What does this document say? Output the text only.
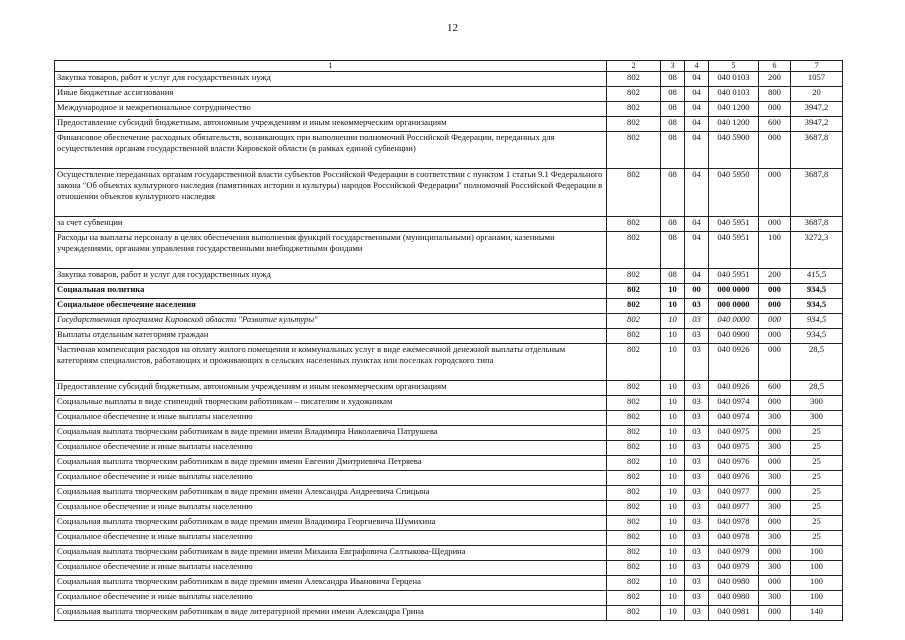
12
1	2	3	4	5	6	7
Закупка товаров, работ и услуг для государственных нужд	802	08	04	040 0103	200	1057
Иные бюджетные ассигнования	802	08	04	040 0103	800	20
Международное и межрегиональное сотрудничество	802	08	04	040 1200	000	3947,2
Предоставление субсидий бюджетным, автономным учреждениям и иным некоммерческим организациям	802	08	04	040 1200	600	3947,2
Финансовое обеспечение расходных обязательств, возникающих при выполнении полномочий Российской Федерации, переданных для осуществления органам государственной власти Кировской области (в рамках единой субвенции)	802	08	04	040 5900	000	3687,8
Осуществление переданных органам государственной власти субъектов Российской Федерации в соответствии с пунктом 1 статьи 9.1 Федерального закона "Об объектах культурного наследия (памятниках истории и культуры) народов Российской Федерации" полномочий Российской Федерации в отношении объектов культурного наследия	802	08	04	040 5950	000	3687,8
за счет субвенции	802	08	04	040 5951	000	3687,8
Расходы на выплаты персоналу в целях обеспечения выполнения функций государственными (муниципальными) органами, казенными учреждениями, органами управления государственными внебюджетными фондами	802	08	04	040 5951	100	3272,3
Закупка товаров, работ и услуг для государственных нужд	802	08	04	040 5951	200	415,5
Социальная политика	802	10	00	000 0000	000	934,5
Социальное обеспечение населения	802	10	03	000 0000	000	934,5
Государственная программа Кировской области "Развитие культуры"	802	10	03	040 0000	000	934,5
Выплаты отдельным категориям граждан	802	10	03	040 0900	000	934,5
Частичная компенсация расходов на оплату жилого помещения и коммунальных услуг в виде ежемесячной денежной выплаты отдельным категориям специалистов, работающих и проживающих в сельских населенных пунктах или поселках городского типа	802	10	03	040 0926	000	28,5
Предоставление субсидий бюджетным, автономным учреждениям и иным некоммерческим организациям	802	10	03	040 0926	600	28,5
Социальные выплаты в виде стипендий творческим работникам – писателям и художникам	802	10	03	040 0974	000	300
Социальное обеспечение и иные выплаты населению	802	10	03	040 0974	300	300
Социальная выплата творческим работникам в виде премии имени Владимира Николаевича Патрушева	802	10	03	040 0975	000	25
Социальное обеспечение и иные выплаты населению	802	10	03	040 0975	300	25
Социальная выплата творческим работникам в виде премии имени Евгения Дмитриевича Петряева	802	10	03	040 0976	000	25
Социальное обеспечение и иные выплаты населению	802	10	03	040 0976	300	25
Социальная выплата творческим работникам в виде премии имени Александра Андреевича Спицына	802	10	03	040 0977	000	25
Социальное обеспечение и иные выплаты населению	802	10	03	040 0977	300	25
Социальная выплата творческим работникам в виде премии имени Владимира Георгиевича Шумихина	802	10	03	040 0978	000	25
Социальное обеспечение и иные выплаты населению	802	10	03	040 0978	300	25
Социальная выплата творческим работникам в виде премии имени Михаила Евграфовича Салтыкова-Щедрина	802	10	03	040 0979	000	100
Социальное обеспечение и иные выплаты населению	802	10	03	040 0979	300	100
Социальная выплата творческим работникам в виде премии имени Александра Ивановича Герцена	802	10	03	040 0980	000	100
Социальное обеспечение и иные выплаты населению	802	10	03	040 0980	300	100
Социальная выплата творческим работникам в виде литературной премии имени Александра Грина	802	10	03	040 0981	000	140
